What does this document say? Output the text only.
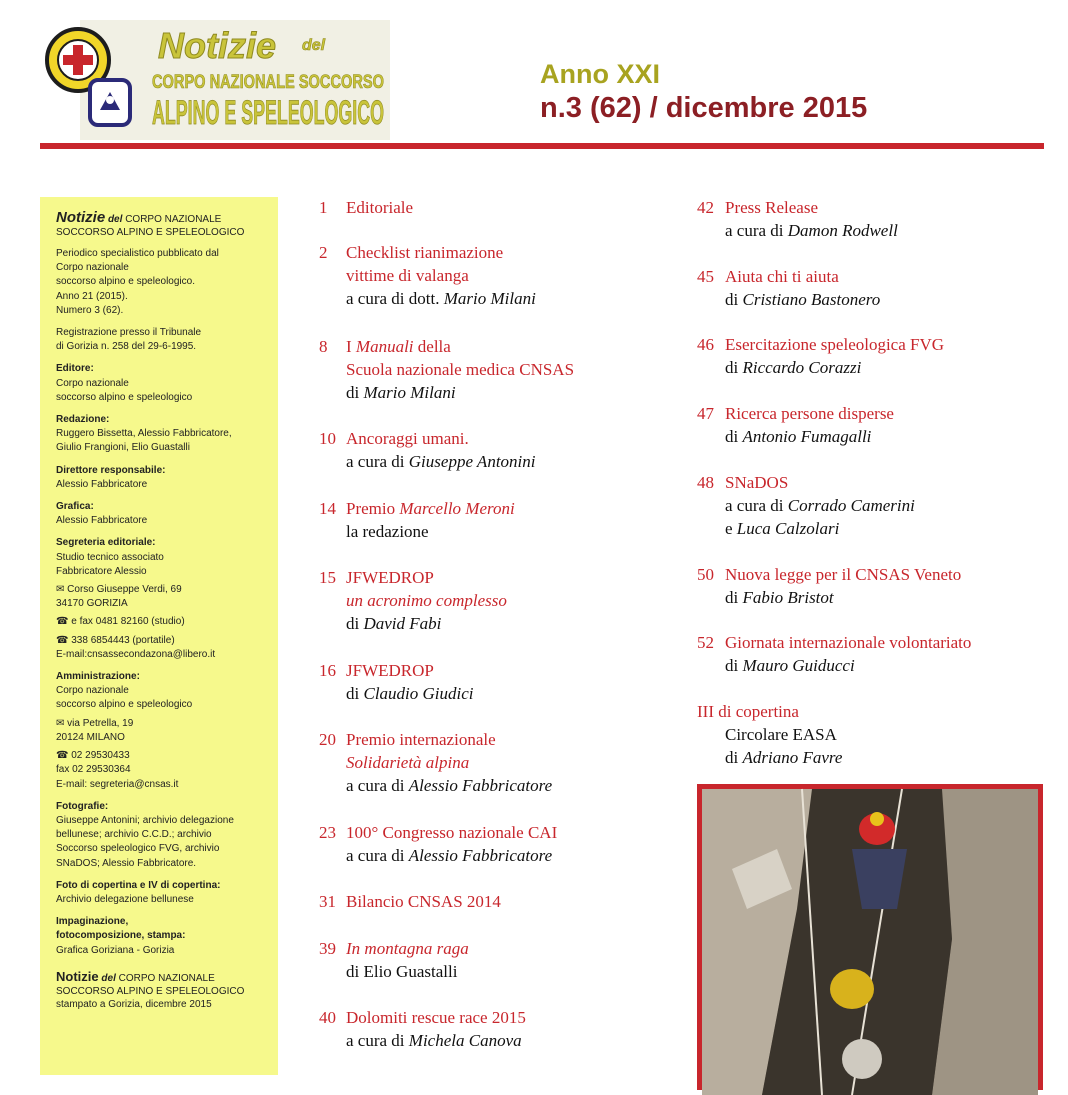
Notizie del
CORPO NAZIONALE SOCCORSO
ALPINO E SPELEOLOGICO
Anno XXI
n.3 (62) / dicembre 2015
Notizie del CORPO NAZIONALE
SOCCORSO ALPINO E SPELEOLOGICO
Periodico specialistico pubblicato dal
Corpo nazionale
soccorso alpino e speleologico.
Anno 21 (2015).
Numero 3 (62).
Registrazione presso il Tribunale
di Gorizia n. 258 del 29-6-1995.
Editore:
Corpo nazionale
soccorso alpino e speleologico
Redazione:
Ruggero Bissetta, Alessio Fabbricatore,
Giulio Frangioni, Elio Guastalli
Direttore responsabile:
Alessio Fabbricatore
Grafica:
Alessio Fabbricatore
Segreteria editoriale:
Studio tecnico associato
Fabbricatore Alessio
✉ Corso Giuseppe Verdi, 69
34170 GORIZIA
☎ e fax 0481 82160 (studio)
☎ 338 6854443 (portatile)
E-mail:cnsassecondazona@libero.it
Amministrazione:
Corpo nazionale
soccorso alpino e speleologico
✉ via Petrella, 19
20124 MILANO
☎ 02 29530433
fax 02 29530364
E-mail: segreteria@cnsas.it
Fotografie:
Giuseppe Antonini; archivio delegazione
bellunese; archivio C.C.D.; archivio
Soccorso speleologico FVG, archivio
SNaDOS; Alessio Fabbricatore.
Foto di copertina e IV di copertina:
Archivio delegazione bellunese
Impaginazione,
fotocomposizione, stampa:
Grafica Goriziana - Gorizia
Notizie del CORPO NAZIONALE
SOCCORSO ALPINO E SPELEOLOGICO
stampato a Gorizia, dicembre 2015
1 Editoriale
2 Checklist rianimazione
vittime di valanga
a cura di dott. Mario Milani
8 I Manuali della
Scuola nazionale medica CNSAS
di Mario Milani
10 Ancoraggi umani.
a cura di Giuseppe Antonini
14 Premio Marcello Meroni
la redazione
15 JFWEDROP
un acronimo complesso
di David Fabi
16 JFWEDROP
di Claudio Giudici
20 Premio internazionale
Solidarietà alpina
a cura di Alessio Fabbricatore
23 100° Congresso nazionale CAI
a cura di Alessio Fabbricatore
31 Bilancio CNSAS 2014
39 In montagna raga
di Elio Guastalli
40 Dolomiti rescue race 2015
a cura di Michela Canova
42 Press Release
a cura di Damon Rodwell
45 Aiuta chi ti aiuta
di Cristiano Bastonero
46 Esercitazione speleologica FVG
di Riccardo Corazzi
47 Ricerca persone disperse
di Antonio Fumagalli
48 SNaDOS
a cura di Corrado Camerini
e Luca Calzolari
50 Nuova legge per il CNSAS Veneto
di Fabio Bristot
52 Giornata internazionale volontariato
di Mauro Guiducci
III di copertina
Circolare EASA
di Adriano Favre
